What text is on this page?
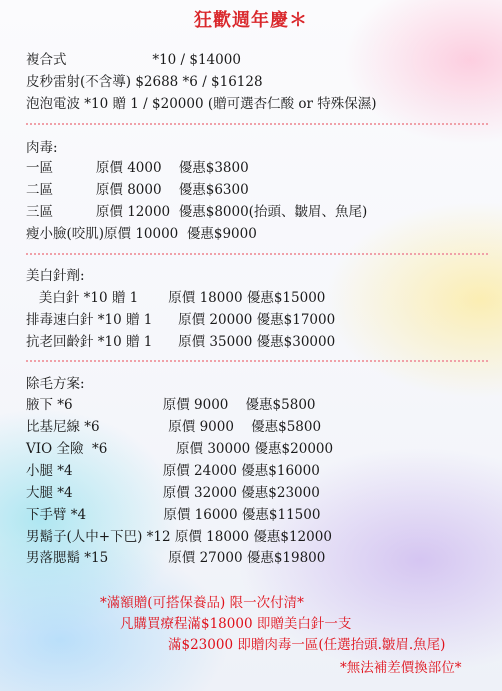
狂歡週年慶＊
複合式                    *10 / $14000
皮秒雷射(不含導) $2688 *6 / $16128
泡泡電波 *10 贈 1 / $20000 (贈可選杏仁酸 or 特殊保濕)
肉毒:
一區          原價 4000    優惠$3800
二區          原價 8000    優惠$6300
三區          原價 12000  優惠$8000(抬頭、皺眉、魚尾)
瘦小臉(咬肌)原價 10000  優惠$9000
美白針劑:
美白針 *10 贈 1       原價 18000 優惠$15000
排毒速白針 *10 贈 1      原價 20000 優惠$17000
抗老回齡針 *10 贈 1      原價 35000 優惠$30000
除毛方案:
腋下 *6                     原價 9000    優惠$5800
比基尼線 *6                原價 9000    優惠$5800
VIO 全險  *6                原價 30000 優惠$20000
小腿 *4                     原價 24000 優惠$16000
大腿 *4                     原價 32000 優惠$23000
下手臂 *4                  原價 16000 優惠$11500
男鬍子(人中+下巴) *12 原價 18000 優惠$12000
男落腮鬍 *15              原價 27000 優惠$19800
*滿額贈(可搭保養品) 限一次付清*
凡購買療程滿$18000 即贈美白針一支
滿$23000 即贈肉毒一區(任選抬頭.皺眉.魚尾)
*無法補差價換部位*
